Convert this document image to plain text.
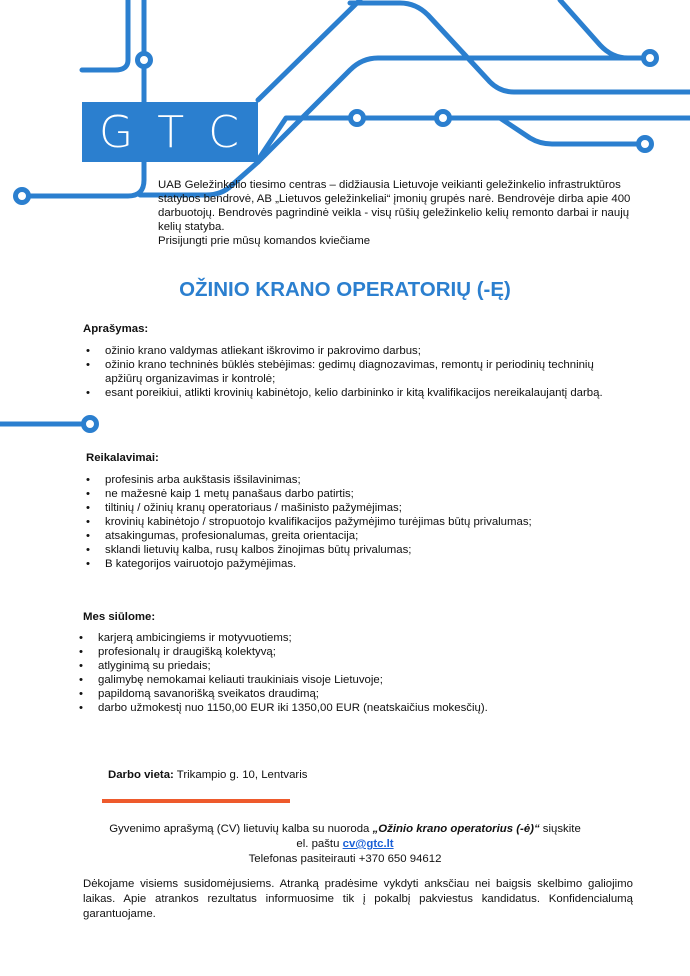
G T C

UAB Geležinkelio tiesimo centras – didžiausia Lietuvoje veikianti geležinkelio infrastruktūros statybos bendrovė, AB „Lietuvos geležinkeliai“ įmonių grupės narė. Bendrovėje dirba apie 400 darbuotojų. Bendrovės pagrindinė veikla - visų rūšių geležinkelio kelių remonto darbai ir naujų kelių statyba.

Prisijungti prie mūsų komandos kviečiame

OŽINIO KRANO OPERATORIŲ (-Ę)
Aprašymas:
• ožinio krano valdymas atliekant iškrovimo ir pakrovimo darbus;
• ožinio krano techninės būklės stebėjimas: gedimų diagnozavimas, remontų ir periodinių techninių apžiūrų organizavimas ir kontrolė;
• esant poreikiui, atlikti krovinių kabinėtojo, kelio darbininko ir kitą kvalifikacijos nereikalaujantį darbą.
Reikalavimai:
• profesinis arba aukštasis išsilavinimas;
• ne mažesnė kaip 1 metų panašaus darbo patirtis;
• tiltinių / ožinių kranų operatoriaus / mašinisto pažymėjimas;
• krovinių kabinėtojo / stropuotojo kvalifikacijos pažymėjimo turėjimas būtų privalumas;
• atsakingumas, profesionalumas, greita orientacija;
• sklandi lietuvių kalba, rusų kalbos žinojimas būtų privalumas;
• B kategorijos vairuotojo pažymėjimas.
Mes siūlome:
• karjerą ambicingiems ir motyvuotiems;
• profesionalų ir draugišką kolektyvą;
• atlyginimą su priedais;
• galimybę nemokamai keliauti traukiniais visoje Lietuvoje;
• papildomą savanorišką sveikatos draudimą;
• darbo užmokestį nuo 1150,00 EUR iki 1350,00 EUR (neatskaičius mokesčių).
Darbo vieta: Trikampio g. 10, Lentvaris
Gyvenimo aprašymą (CV) lietuvių kalba su nuoroda „Ožinio krano operatorius (-ė)“ siųskite
el. paštu cv@gtc.lt
Telefonas pasiteirauti +370 650 94612
Dėkojame visiems susidomėjusiems. Atranką pradėsime vykdyti anksčiau nei baigsis skelbimo galiojimo laikas. Apie atrankos rezultatus informuosime tik į pokalbį pakviestus kandidatus. Konfidencialumą garantuojame.
